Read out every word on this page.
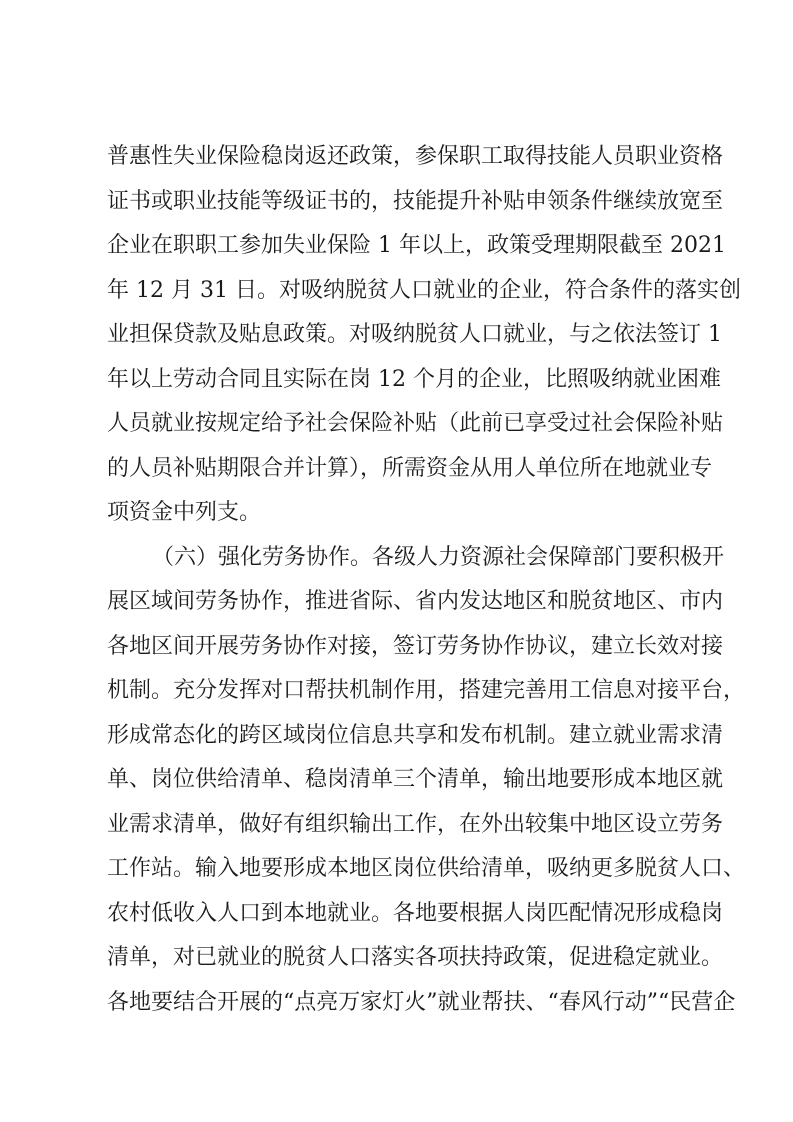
普惠性失业保险稳岗返还政策，参保职工取得技能人员职业资格
证书或职业技能等级证书的，技能提升补贴申领条件继续放宽至
企业在职职工参加失业保险 1 年以上，政策受理期限截至 2021
年 12 月 31 日。对吸纳脱贫人口就业的企业，符合条件的落实创
业担保贷款及贴息政策。对吸纳脱贫人口就业，与之依法签订 1
年以上劳动合同且实际在岗 12 个月的企业，比照吸纳就业困难
人员就业按规定给予社会保险补贴（此前已享受过社会保险补贴
的人员补贴期限合并计算），所需资金从用人单位所在地就业专
项资金中列支。
（六）强化劳务协作。各级人力资源社会保障部门要积极开
展区域间劳务协作，推进省际、省内发达地区和脱贫地区、市内
各地区间开展劳务协作对接，签订劳务协作协议，建立长效对接
机制。充分发挥对口帮扶机制作用，搭建完善用工信息对接平台，
形成常态化的跨区域岗位信息共享和发布机制。建立就业需求清
单、岗位供给清单、稳岗清单三个清单，输出地要形成本地区就
业需求清单，做好有组织输出工作，在外出较集中地区设立劳务
工作站。输入地要形成本地区岗位供给清单，吸纳更多脱贫人口、
农村低收入人口到本地就业。各地要根据人岗匹配情况形成稳岗
清单，对已就业的脱贫人口落实各项扶持政策，促进稳定就业。
各地要结合开展的“点亮万家灯火”就业帮扶、“春风行动”“民营企
